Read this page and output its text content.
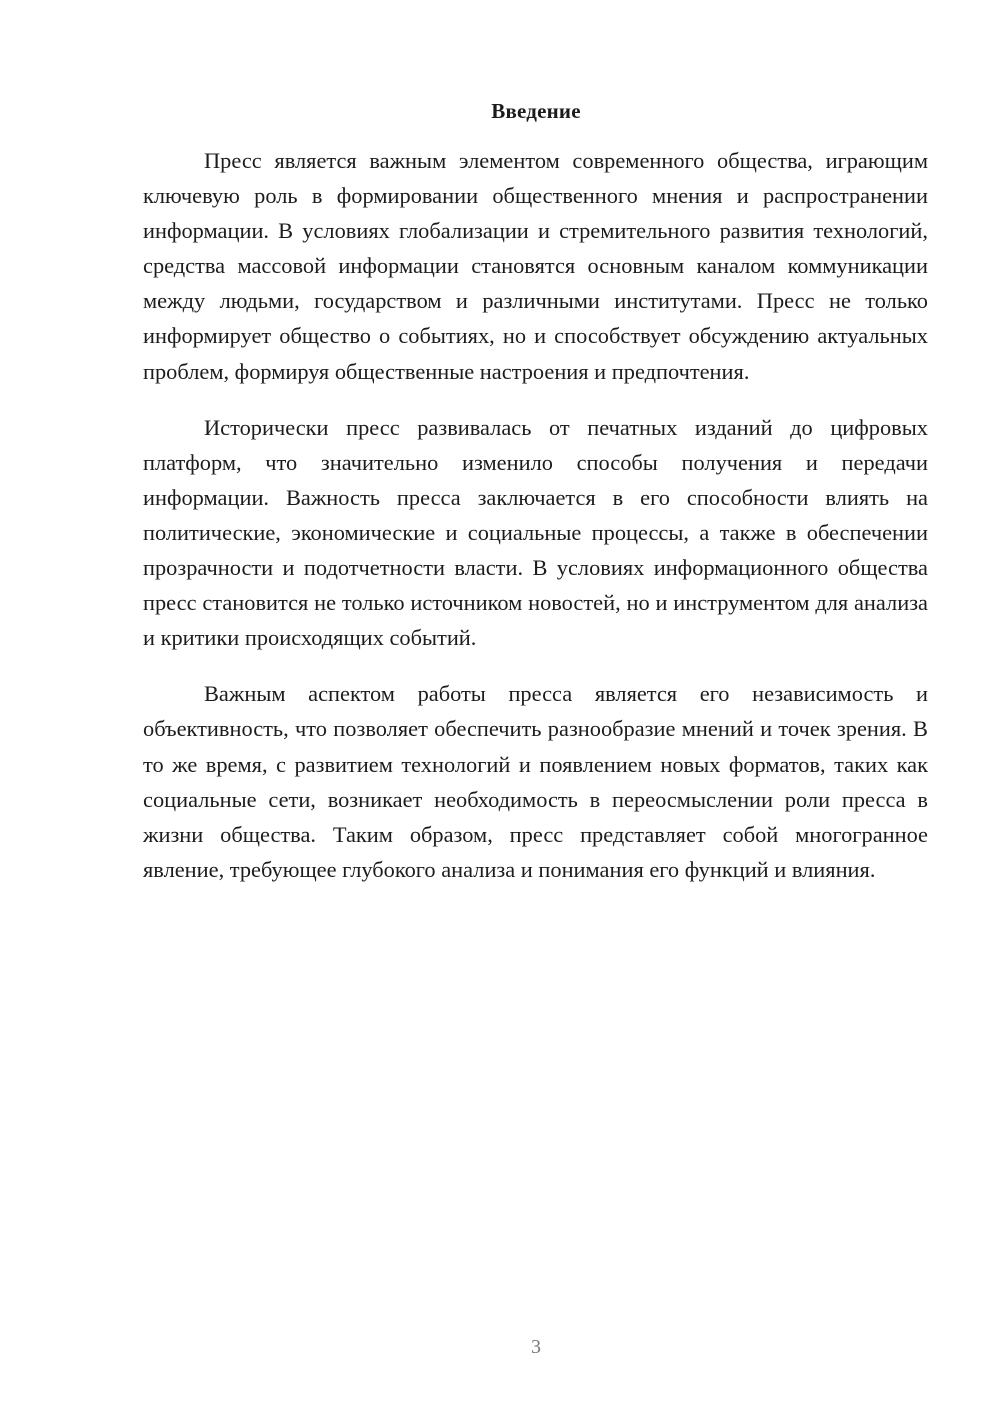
Введение

Пресс является важным элементом современного общества, играющим ключевую роль в формировании общественного мнения и распространении информации. В условиях глобализации и стремительного развития технологий, средства массовой информации становятся основным каналом коммуникации между людьми, государством и различными институтами. Пресс не только информирует общество о событиях, но и способствует обсуждению актуальных проблем, формируя общественные настроения и предпочтения.

Исторически пресс развивалась от печатных изданий до цифровых платформ, что значительно изменило способы получения и передачи информации. Важность пресса заключается в его способности влиять на политические, экономические и социальные процессы, а также в обеспечении прозрачности и подотчетности власти. В условиях информационного общества пресс становится не только источником новостей, но и инструментом для анализа и критики происходящих событий.

Важным аспектом работы пресса является его независимость и объективность, что позволяет обеспечить разнообразие мнений и точек зрения. В то же время, с развитием технологий и появлением новых форматов, таких как социальные сети, возникает необходимость в переосмыслении роли пресса в жизни общества. Таким образом, пресс представляет собой многогранное явление, требующее глубокого анализа и понимания его функций и влияния.

3
